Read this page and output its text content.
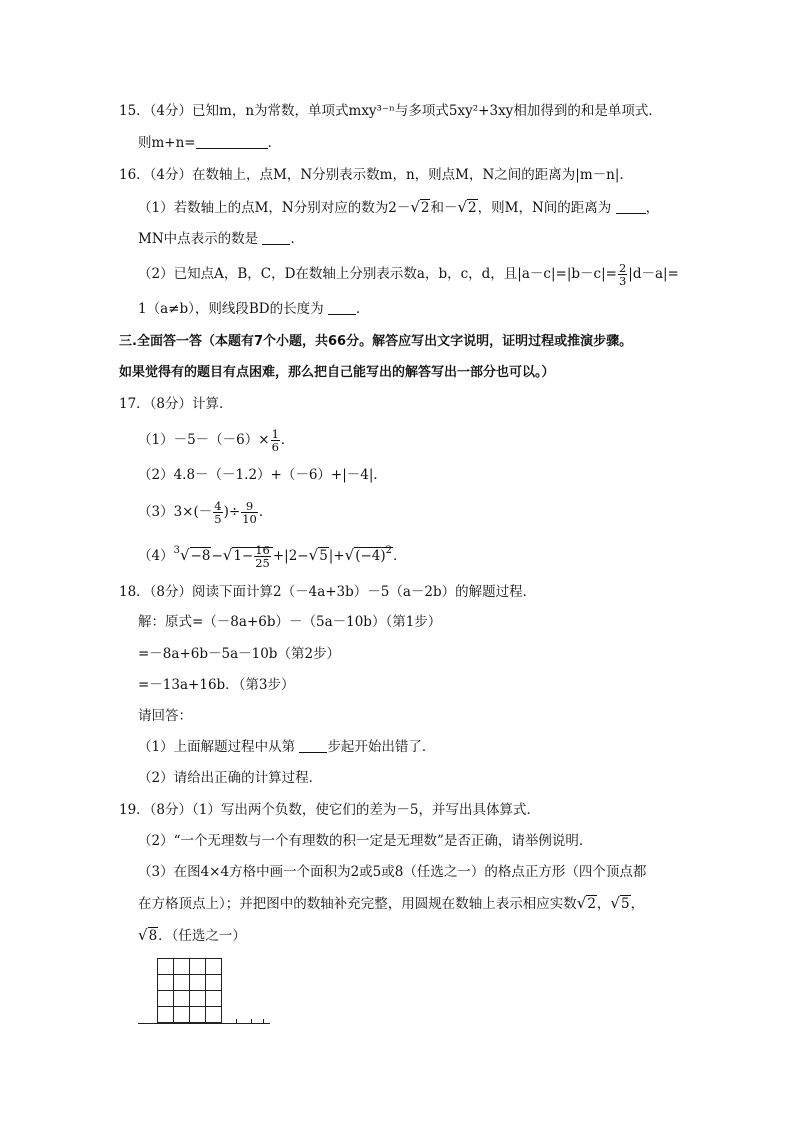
15．（4分）已知m，n为常数，单项式mxy³⁻ⁿ与多项式5xy²+3xy相加得到的和是单项式．
则m+n=	．
16．（4分）在数轴上，点M，N分别表示数m，n，则点M，N之间的距离为|m－n|．
（1）若数轴上的点M，N分别对应的数为2－√2和－√2，则M，N间的距离为	，
MN中点表示的数是 ．
（2）已知点A，B，C，D在数轴上分别表示数a，b，c，d，且$|a-c|=|b-c|= \frac{2}{3} |d-a|=$
1（a≠b），则线段BD的长度为 ．
三.全面答一答（本题有7个小题，共66分。解答应写出文字说明，证明过程或推演步骤。
如果觉得有的题目有点困难，那么把自己能写出的解答写出一部分也可以。）
17．（8分）计算．
$(1)-5-(-6)\times \frac{1}{6}$ ．
（2）4.8－（－1.2）+（－6）+|－4|．
$(3)3\times(- \frac{4}{5}$ )÷ $\frac{9}{10}$ ．
$(4)^3√-8-√1- \frac{16}{25} +|2-√5|+√(-4)^2$．
18．（8分）阅读下面计算2（－4a+3b）－5（a－2b）的解题过程．
解：原式=（－8a+6b）－（5a－10b）（第1步）
=－8a+6b－5a－10b（第2步）
=－13a+16b．（第3步）
请回答：
（1）上面解题过程中从第 步起开始出错了．
（2）请给出正确的计算过程．
19．（8分）（1）写出两个负数，使它们的差为－5，并写出具体算式．
（2）“一个无理数与一个有理数的积一定是无理数”是否正确，请举例说明．
（3）在图4×4方格中画一个面积为2或5或8（任选之一）的格点正方形（四个顶点都
在方格顶点上）；并把图中的数轴补充完整，用圆规在数轴上表示相应实数√2，√5，
√8．（任选之一）
